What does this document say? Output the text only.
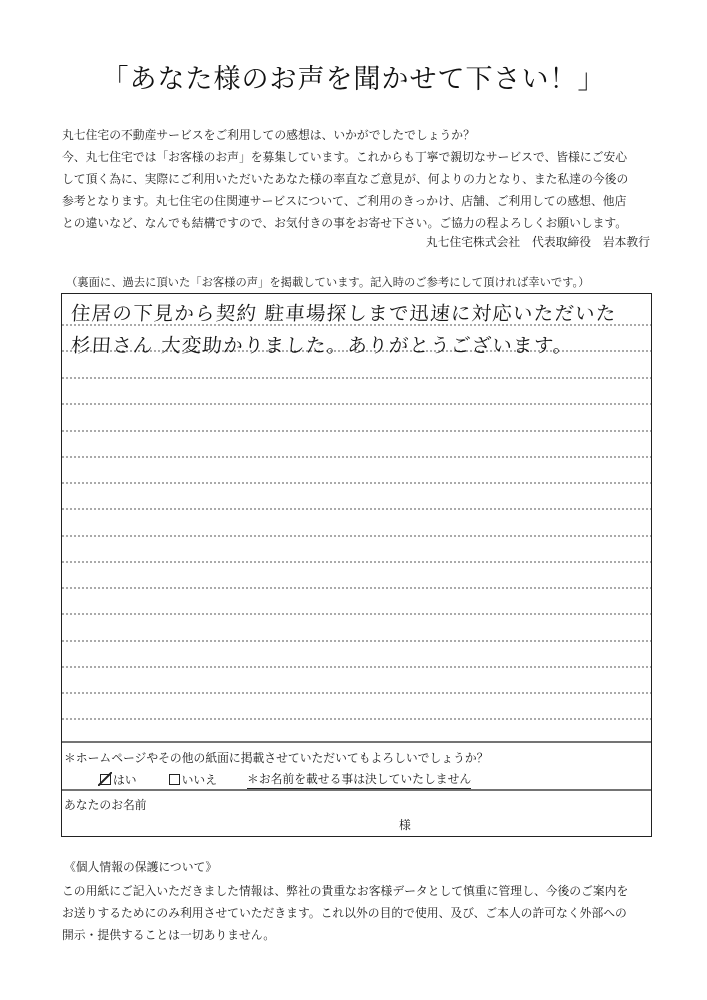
「あなた様のお声を聞かせて下さい！」

丸七住宅の不動産サービスをご利用しての感想は、いかがでしたでしょうか？

今、丸七住宅では「お客様のお声」を募集しています。これからも丁寧で親切なサービスで、皆様にご安心

して頂く為に、実際にご利用いただいたあなた様の率直なご意見が、何よりの力となり、また私達の今後の

参考となります。丸七住宅の住関連サービスについて、ご利用のきっかけ、店舗、ご利用しての感想、他店

との違いなど、なんでも結構ですので、お気付きの事をお寄せ下さい。ご協力の程よろしくお願いします。

丸七住宅株式会社　代表取締役　岩本教行
（裏面に、過去に頂いた「お客様の声」を掲載しています。記入時のご参考にして頂ければ幸いです。）
住居の下見から契約 駐車場探しまで迅速に対応いただいた
杉田さん 大変助かりました。ありがとうございます。
＊ホームページやその他の紙面に掲載させていただいてもよろしいでしょうか？
はい	いいえ	＊お名前を載せる事は決していたしません
あなたのお名前
様
《個人情報の保護について》

この用紙にご記入いただきました情報は、弊社の貴重なお客様データとして慎重に管理し、今後のご案内を

お送りするためにのみ利用させていただきます。これ以外の目的で使用、及び、ご本人の許可なく外部への

開示・提供することは一切ありません。
